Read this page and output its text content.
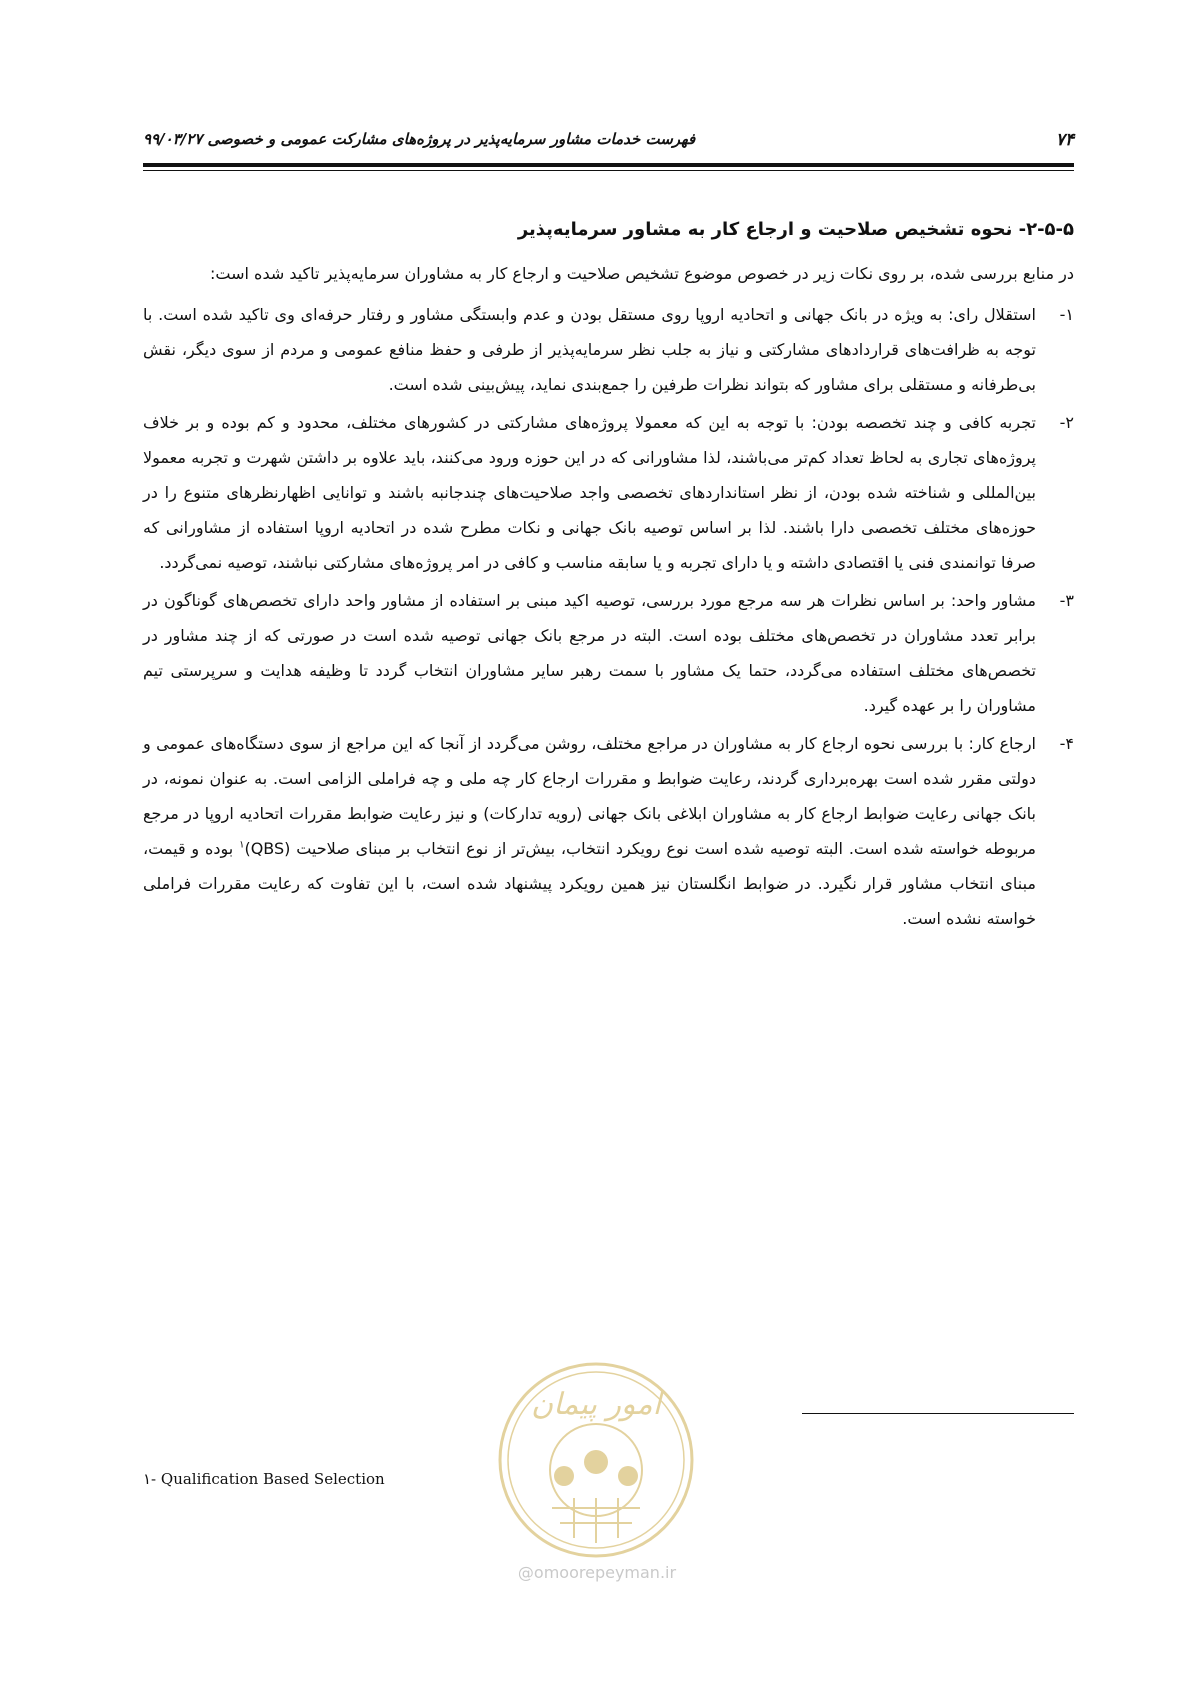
۷۴
فهرست خدمات مشاور سرمایه‌پذیر در پروژه‌های مشارکت عمومی و خصوصی ۹۹/۰۳/۲۷
۲-۵-۵- نحوه تشخیص صلاحیت و ارجاع کار به مشاور سرمایه‌پذیر
در منابع بررسی شده، بر روی نکات زیر در خصوص موضوع تشخیص صلاحیت و ارجاع کار به مشاوران سرمایه‌پذیر تاکید شده است:
۱-
استقلال رای: به ویژه در بانک جهانی و اتحادیه اروپا روی مستقل بودن و عدم وابستگی مشاور و رفتار حرفه‌ای وی تاکید شده است. با توجه به ظرافت‌های قراردادهای مشارکتی و نیاز به جلب نظر سرمایه‌پذیر از طرفی و حفظ منافع عمومی و مردم از سوی دیگر، نقش بی‌طرفانه و مستقلی برای مشاور که بتواند نظرات طرفین را جمع‌بندی نماید، پیش‌بینی شده است.
۲-
تجربه کافی و چند تخصصه بودن: با توجه به این که معمولا پروژه‌های مشارکتی در کشورهای مختلف، محدود و کم بوده و بر خلاف پروژه‌های تجاری به لحاظ تعداد کم‌تر می‌باشند، لذا مشاورانی که در این حوزه ورود می‌کنند، باید علاوه بر داشتن شهرت و تجربه معمولا بین‌المللی و شناخته شده بودن، از نظر استانداردهای تخصصی واجد صلاحیت‌های چندجانبه باشند و توانایی اظهارنظرهای متنوع را در حوزه‌های مختلف تخصصی دارا باشند. لذا بر اساس توصیه بانک جهانی و نکات مطرح شده در اتحادیه اروپا استفاده از مشاورانی که صرفا توانمندی فنی یا اقتصادی داشته و یا دارای تجربه و یا سابقه مناسب و کافی در امر پروژه‌های مشارکتی نباشند، توصیه نمی‌گردد.
۳-
مشاور واحد: بر اساس نظرات هر سه مرجع مورد بررسی، توصیه اکید مبنی بر استفاده از مشاور واحد دارای تخصص‌های گوناگون در برابر تعدد مشاوران در تخصص‌های مختلف بوده است. البته در مرجع بانک جهانی توصیه شده است در صورتی که از چند مشاور در تخصص‌های مختلف استفاده می‌گردد، حتما یک مشاور با سمت رهبر سایر مشاوران انتخاب گردد تا وظیفه هدایت و سرپرستی تیم مشاوران را بر عهده گیرد.
۴-
ارجاع کار: با بررسی نحوه ارجاع کار به مشاوران در مراجع مختلف، روشن می‌گردد از آنجا که این مراجع از سوی دستگاه‌های عمومی و دولتی مقرر شده است بهره‌برداری گردند، رعایت ضوابط و مقررات ارجاع کار چه ملی و چه فراملی الزامی است. به عنوان نمونه، در بانک جهانی رعایت ضوابط ارجاع کار به مشاوران ابلاغی بانک جهانی (رویه تدارکات) و نیز رعایت ضوابط مقررات اتحادیه اروپا در مرجع مربوطه خواسته شده است. البته توصیه شده است نوع رویکرد انتخاب، بیش‌تر از نوع انتخاب بر مبنای صلاحیت (QBS)$^۱$ بوده و قیمت، مبنای انتخاب مشاور قرار نگیرد. در ضوابط انگلستان نیز همین رویکرد پیشنهاد شده است، با این تفاوت که رعایت مقررات فراملی خواسته نشده است.
امور پیمان
@omoorepeyman.ir
۱- Qualification Based Selection
